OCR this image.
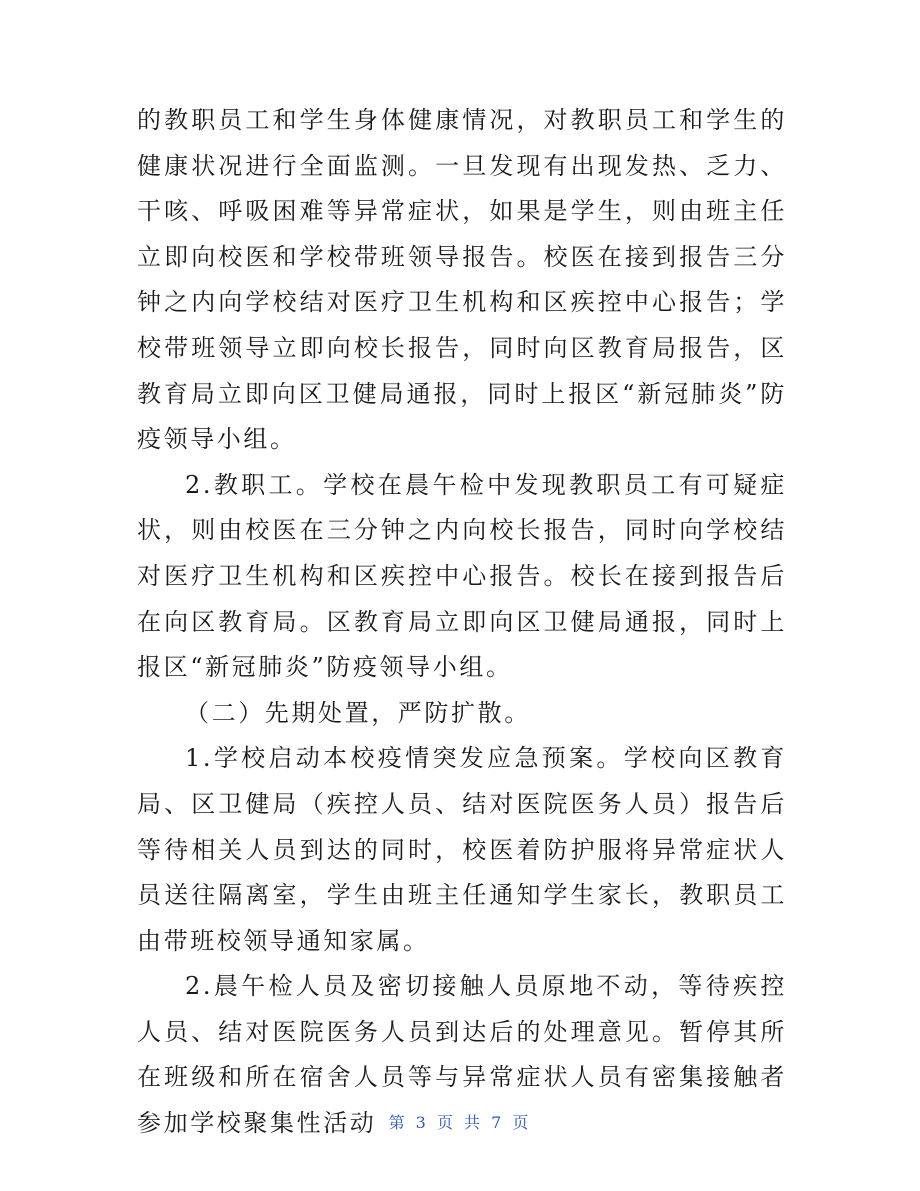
的教职员工和学生身体健康情况，对教职员工和学生的健康状况进行全面监测。一旦发现有出现发热、乏力、干咳、呼吸困难等异常症状，如果是学生，则由班主任立即向校医和学校带班领导报告。校医在接到报告三分钟之内向学校结对医疗卫生机构和区疾控中心报告；学校带班领导立即向校长报告，同时向区教育局报告，区教育局立即向区卫健局通报，同时上报区“新冠肺炎”防疫领导小组。

2.教职工。学校在晨午检中发现教职员工有可疑症状，则由校医在三分钟之内向校长报告，同时向学校结对医疗卫生机构和区疾控中心报告。校长在接到报告后在向区教育局。区教育局立即向区卫健局通报，同时上报区“新冠肺炎”防疫领导小组。

（二）先期处置，严防扩散。

1.学校启动本校疫情突发应急预案。学校向区教育局、区卫健局（疾控人员、结对医院医务人员）报告后等待相关人员到达的同时，校医着防护服将异常症状人员送往隔离室，学生由班主任通知学生家长，教职员工由带班校领导通知家属。

2.晨午检人员及密切接触人员原地不动，等待疾控人员、结对医院医务人员到达后的处理意见。暂停其所在班级和所在宿舍人员等与异常症状人员有密集接触者参加学校聚集性活动 第 3 页 共 7 页
